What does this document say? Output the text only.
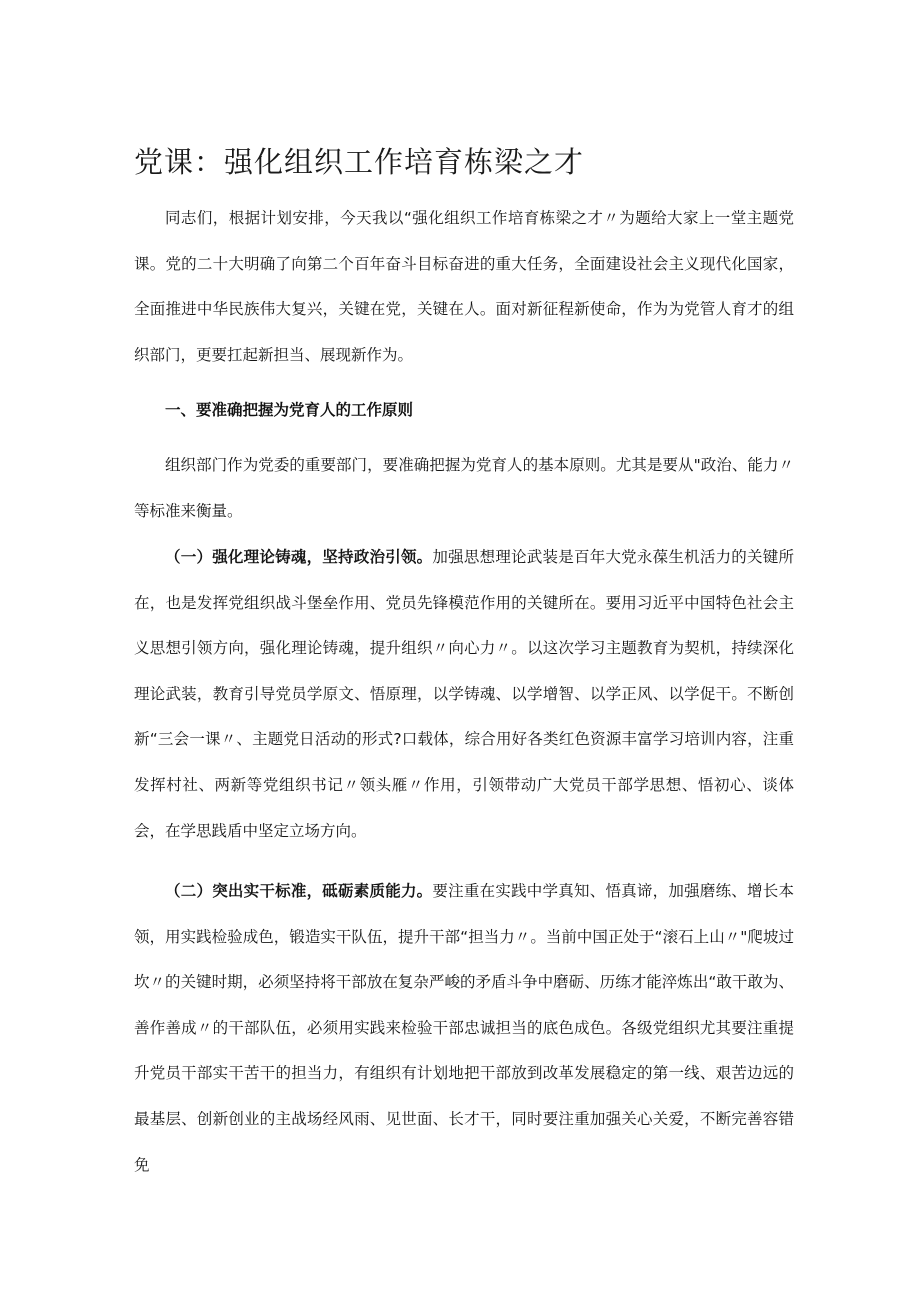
党课：强化组织工作培育栋梁之才

同志们，根据计划安排，今天我以“强化组织工作培育栋梁之才〃为题给大家上一堂主题党课。党的二十大明确了向第二个百年奋斗目标奋进的重大任务，全面建设社会主义现代化国家，全面推进中华民族伟大复兴，关键在党，关键在人。面对新征程新使命，作为为党管人育才的组织部门，更要扛起新担当、展现新作为。

一、要准确把握为党育人的工作原则

组织部门作为党委的重要部门，要准确把握为党育人的基本原则。尤其是要从"政治、能力〃等标准来衡量。

（一）强化理论铸魂，坚持政治引领。加强思想理论武装是百年大党永葆生机活力的关键所在，也是发挥党组织战斗堡垒作用、党员先锋模范作用的关键所在。要用习近平中国特色社会主义思想引领方向，强化理论铸魂，提升组织〃向心力〃。以这次学习主题教育为契机，持续深化理论武装，教育引导党员学原文、悟原理，以学铸魂、以学增智、以学正风、以学促干。不断创新“三会一课〃、主题党日活动的形式?口载体，综合用好各类红色资源丰富学习培训内容，注重发挥村社、两新等党组织书记〃领头雁〃作用，引领带动广大党员干部学思想、悟初心、谈体会，在学思践盾中坚定立场方向。

（二）突出实干标准，砥砺素质能力。要注重在实践中学真知、悟真谛，加强磨练、增长本领，用实践检验成色，锻造实干队伍，提升干部“担当力〃。当前中国正处于“滚石上山〃"爬坡过坎〃的关键时期，必须坚持将干部放在复杂严峻的矛盾斗争中磨砺、历练才能淬炼出“敢干敢为、善作善成〃的干部队伍，必须用实践来检验干部忠诚担当的底色成色。各级党组织尤其要注重提升党员干部实干苦干的担当力，有组织有计划地把干部放到改革发展稳定的第一线、艰苦边远的最基层、创新创业的主战场经风雨、见世面、长才干，同时要注重加强关心关爱，不断完善容错免
